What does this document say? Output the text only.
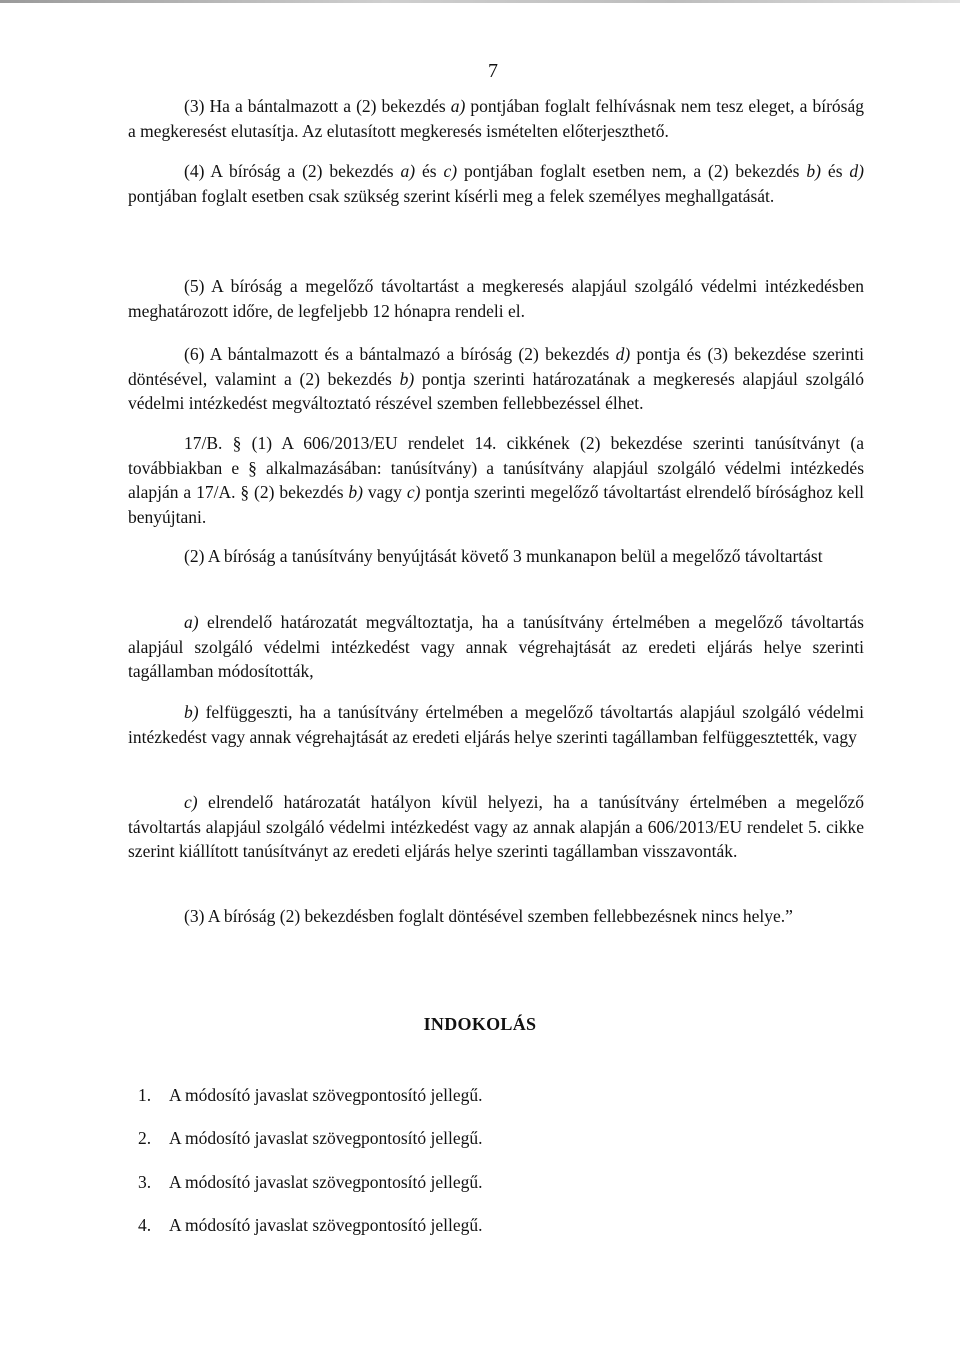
7

(3) Ha a bántalmazott a (2) bekezdés a) pontjában foglalt felhívásnak nem tesz eleget, a bíróság a megkeresést elutasítja. Az elutasított megkeresés ismételten előterjeszthető.

(4) A bíróság a (2) bekezdés a) és c) pontjában foglalt esetben nem, a (2) bekezdés b) és d) pontjában foglalt esetben csak szükség szerint kísérli meg a felek személyes meghallgatását.

(5) A bíróság a megelőző távoltartást a megkeresés alapjául szolgáló védelmi intézkedésben meghatározott időre, de legfeljebb 12 hónapra rendeli el.

(6) A bántalmazott és a bántalmazó a bíróság (2) bekezdés d) pontja és (3) bekezdése szerinti döntésével, valamint a (2) bekezdés b) pontja szerinti határozatának a megkeresés alapjául szolgáló védelmi intézkedést megváltoztató részével szemben fellebbezéssel élhet.

17/B. § (1) A 606/2013/EU rendelet 14. cikkének (2) bekezdése szerinti tanúsítványt (a továbbiakban e § alkalmazásában: tanúsítvány) a tanúsítvány alapjául szolgáló védelmi intézkedés alapján a 17/A. § (2) bekezdés b) vagy c) pontja szerinti megelőző távoltartást elrendelő bírósághoz kell benyújtani.

(2) A bíróság a tanúsítvány benyújtását követő 3 munkanapon belül a megelőző távoltartást

a) elrendelő határozatát megváltoztatja, ha a tanúsítvány értelmében a megelőző távoltartás alapjául szolgáló védelmi intézkedést vagy annak végrehajtását az eredeti eljárás helye szerinti tagállamban módosították,

b) felfüggeszti, ha a tanúsítvány értelmében a megelőző távoltartás alapjául szolgáló védelmi intézkedést vagy annak végrehajtását az eredeti eljárás helye szerinti tagállamban felfüggesztették, vagy

c) elrendelő határozatát hatályon kívül helyezi, ha a tanúsítvány értelmében a megelőző távoltartás alapjául szolgáló védelmi intézkedést vagy az annak alapján a 606/2013/EU rendelet 5. cikke szerint kiállított tanúsítványt az eredeti eljárás helye szerinti tagállamban visszavonták.

(3) A bíróság (2) bekezdésben foglalt döntésével szemben fellebbezésnek nincs helye.”

INDOKOLÁS
1. A módosító javaslat szövegpontosító jellegű.
2. A módosító javaslat szövegpontosító jellegű.
3. A módosító javaslat szövegpontosító jellegű.
4. A módosító javaslat szövegpontosító jellegű.
